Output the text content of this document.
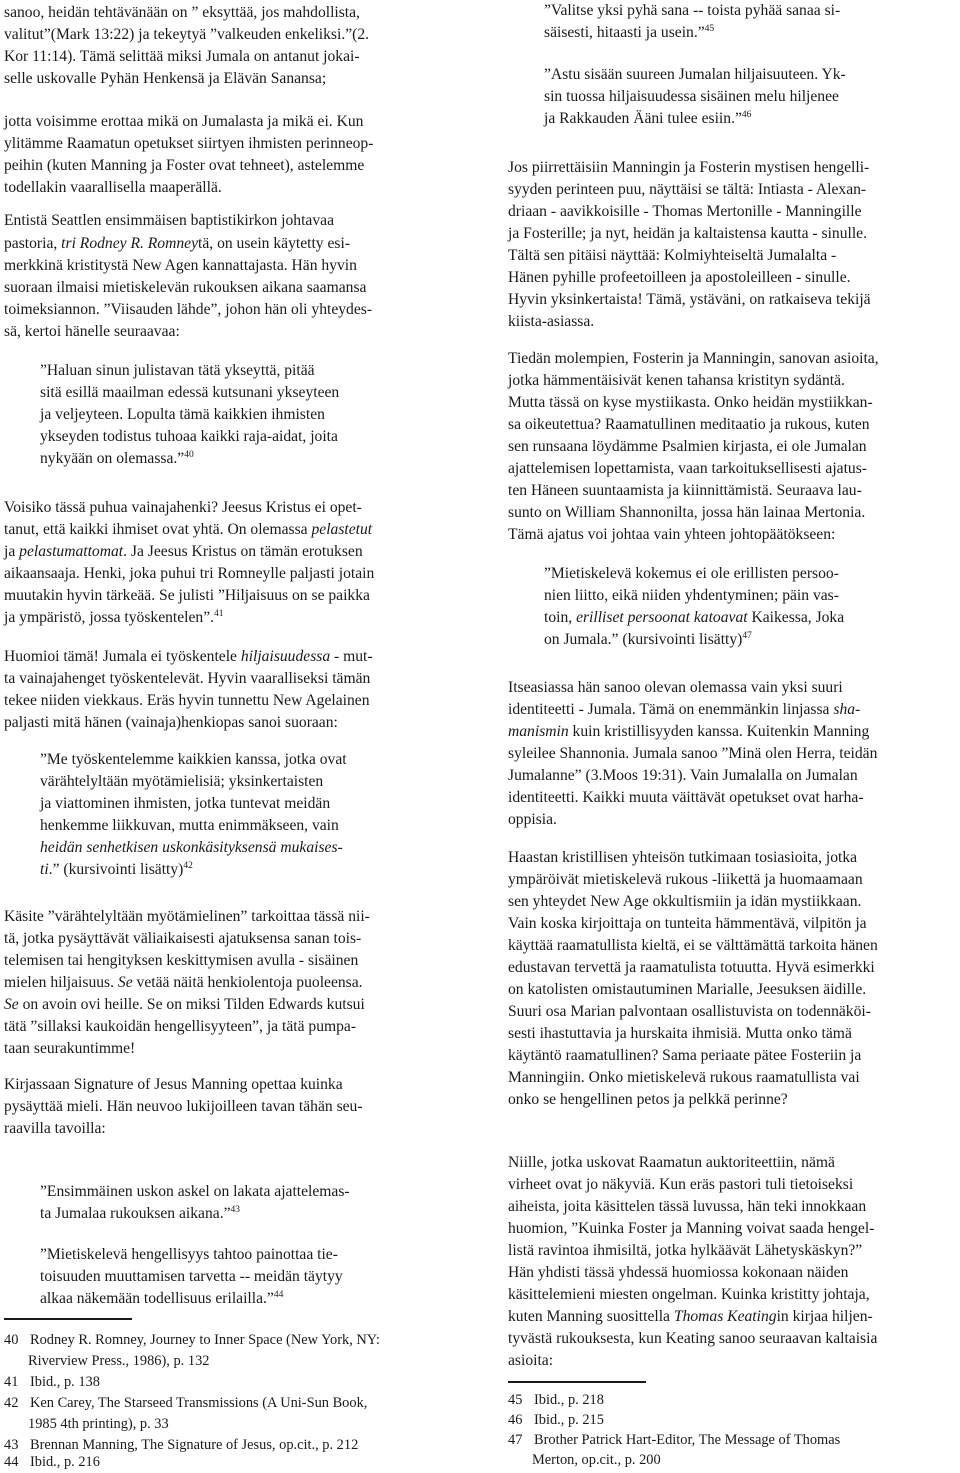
sanoo, heidän tehtävänään on ” eksyttää, jos mahdollista,
valitut”(Mark 13:22) ja tekeytyä ”valkeuden enkeliksi.”(2.
Kor 11:14). Tämä selittää miksi Jumala on antanut jokai-
selle uskovalle Pyhän Henkensä ja Elävän Sanansa;
jotta voisimme erottaa mikä on Jumalasta ja mikä ei. Kun
ylitämme Raamatun opetukset siirtyen ihmisten perinneop-
peihin (kuten Manning ja Foster ovat tehneet), astelemme
todellakin vaarallisella maaperällä.
Entistä Seattlen ensimmäisen baptistikirkon johtavaa
pastoria, tri Rodney R. Romneytä, on usein käytetty esi-
merkkinä kristitystä New Agen kannattajasta. Hän hyvin
suoraan ilmaisi mietiskelevän rukouksen aikana saamansa
toimeksiannon. ”Viisauden lähde”, johon hän oli yhteydes-
sä, kertoi hänelle seuraavaa:
”Haluan sinun julistavan tätä ykseyttä, pitää
sitä esillä maailman edessä kutsunani ykseyteen
ja veljeyteen. Lopulta tämä kaikkien ihmisten
ykseyden todistus tuhoaa kaikki raja-aidat, joita
nykyään on olemassa.”$^{40}$
Voisiko tässä puhua vainajahenki? Jeesus Kristus ei opet-
tanut, että kaikki ihmiset ovat yhtä. On olemassa pelastetut
ja pelastumattomat. Ja Jeesus Kristus on tämän erotuksen
aikaansaaja. Henki, joka puhui tri Romneylle paljasti jotain
muutakin hyvin tärkeää. Se julisti ”Hiljaisuus on se paikka
ja ympäristö, jossa työskentelen”.$^{41}$
Huomioi tämä! Jumala ei työskentele hiljaisuudessa - mut-
ta vainajahenget työskentelevät. Hyvin vaaralliseksi tämän
tekee niiden viekkaus. Eräs hyvin tunnettu New Agelainen
paljasti mitä hänen (vainaja)henkiopas sanoi suoraan:
”Me työskentelemme kaikkien kanssa, jotka ovat
värähtelyltään myötämielisiä; yksinkertaisten
ja viattominen ihmisten, jotka tuntevat meidän
henkemme liikkuvan, mutta enimmäkseen, vain
heidän senhetkisen uskonkäsityksensä mukaises-
ti.” (kursivointi lisätty)$^{42}$
Käsite ”värähtelyltään myötämielinen” tarkoittaa tässä nii-
tä, jotka pysäyttävät väliaikaisesti ajatuksensa sanan tois-
telemisen tai hengityksen keskittymisen avulla - sisäinen
mielen hiljaisuus. Se vetää näitä henkiolentoja puoleensa.
Se on avoin ovi heille. Se on miksi Tilden Edwards kutsui
tätä ”sillaksi kaukoidän hengellisyyteen”, ja tätä pumpa-
taan seurakuntimme!
Kirjassaan Signature of Jesus Manning opettaa kuinka
pysäyttää mieli. Hän neuvoo lukijoilleen tavan tähän seu-
raavilla tavoilla:
”Ensimmäinen uskon askel on lakata ajattelemas-
ta Jumalaa rukouksen aikana.”$^{43}$
”Mietiskelevä hengellisyys tahtoo painottaa tie-
toisuuden muuttamisen tarvetta -- meidän täytyy
alkaa näkemään todellisuus erilailla.”$^{44}$
40 Rodney R. Romney, Journey to Inner Space (New York, NY:
Riverview Press., 1986), p. 132
41 Ibid., p. 138
42 Ken Carey, The Starseed Transmissions (A Uni-Sun Book,
1985 4th printing), p. 33
43 Brennan Manning, The Signature of Jesus, op.cit., p. 212
44 Ibid., p. 216
”Valitse yksi pyhä sana -- toista pyhää sanaa si-
säisesti, hitaasti ja usein.”$^{45}$
”Astu sisään suureen Jumalan hiljaisuuteen. Yk-
sin tuossa hiljaisuudessa sisäinen melu hiljenee
ja Rakkauden Ääni tulee esiin.”$^{46}$
Jos piirrettäisiin Manningin ja Fosterin mystisen hengelli-
syyden perinteen puu, näyttäisi se tältä: Intiasta - Alexan-
driaan - aavikkoisille - Thomas Mertonille - Manningille
ja Fosterille; ja nyt, heidän ja kaltaistensa kautta - sinulle.
Tältä sen pitäisi näyttää: Kolmiyhteiseltä Jumalalta -
Hänen pyhille profeetoilleen ja apostoleilleen - sinulle.
Hyvin yksinkertaista! Tämä, ystäväni, on ratkaiseva tekijä
kiista-asiassa.
Tiedän molempien, Fosterin ja Manningin, sanovan asioita,
jotka hämmentäisivät kenen tahansa kristityn sydäntä.
Mutta tässä on kyse mystiikasta. Onko heidän mystiikkan-
sa oikeutettua? Raamatullinen meditaatio ja rukous, kuten
sen runsaana löydämme Psalmien kirjasta, ei ole Jumalan
ajattelemisen lopettamista, vaan tarkoituksellisesti ajatus-
ten Häneen suuntaamista ja kiinnittämistä. Seuraava lau-
sunto on William Shannonilta, jossa hän lainaa Mertonia.
Tämä ajatus voi johtaa vain yhteen johtopäätökseen:
”Mietiskelevä kokemus ei ole erillisten persoo-
nien liitto, eikä niiden yhdentyminen; päin vas-
toin, erilliset persoonat katoavat Kaikessa, Joka
on Jumala.” (kursivointi lisätty)$^{47}$
Itseasiassa hän sanoo olevan olemassa vain yksi suuri
identiteetti - Jumala. Tämä on enemmänkin linjassa sha-
manismin kuin kristillisyyden kanssa. Kuitenkin Manning
syleilee Shannonia. Jumala sanoo ”Minä olen Herra, teidän
Jumalanne” (3.Moos 19:31). Vain Jumalalla on Jumalan
identiteetti. Kaikki muuta väittävät opetukset ovat harha-
oppisia.
Haastan kristillisen yhteisön tutkimaan tosiasioita, jotka
ympäröivät mietiskelevä rukous -liikettä ja huomaamaan
sen yhteydet New Age okkultismiin ja idän mystiikkaan.
Vain koska kirjoittaja on tunteita hämmentävä, vilpitön ja
käyttää raamatullista kieltä, ei se välttämättä tarkoita hänen
edustavan tervettä ja raamatulista totuutta. Hyvä esimerkki
on katolisten omistautuminen Marialle, Jeesuksen äidille.
Suuri osa Marian palvontaan osallistuvista on todennäköi-
sesti ihastuttavia ja hurskaita ihmisiä. Mutta onko tämä
käytäntö raamatullinen? Sama periaate pätee Fosteriin ja
Manningiin. Onko mietiskelevä rukous raamatullista vai
onko se hengellinen petos ja pelkkä perinne?
Niille, jotka uskovat Raamatun auktoriteettiin, nämä
virheet ovat jo näkyviä. Kun eräs pastori tuli tietoiseksi
aiheista, joita käsittelen tässä luvussa, hän teki innokkaan
huomion, ”Kuinka Foster ja Manning voivat saada hengel-
listä ravintoa ihmisiltä, jotka hylkäävät Lähetyskäskyn?”
Hän yhdisti tässä yhdessä huomiossa kokonaan näiden
käsittelemieni miesten ongelman. Kuinka kristitty johtaja,
kuten Manning suosittella Thomas Keatingin kirjaa hiljen-
tyvästä rukouksesta, kun Keating sanoo seuraavan kaltaisia
asioita:
45 Ibid., p. 218
46 Ibid., p. 215
47 Brother Patrick Hart-Editor, The Message of Thomas
Merton, op.cit., p. 200
